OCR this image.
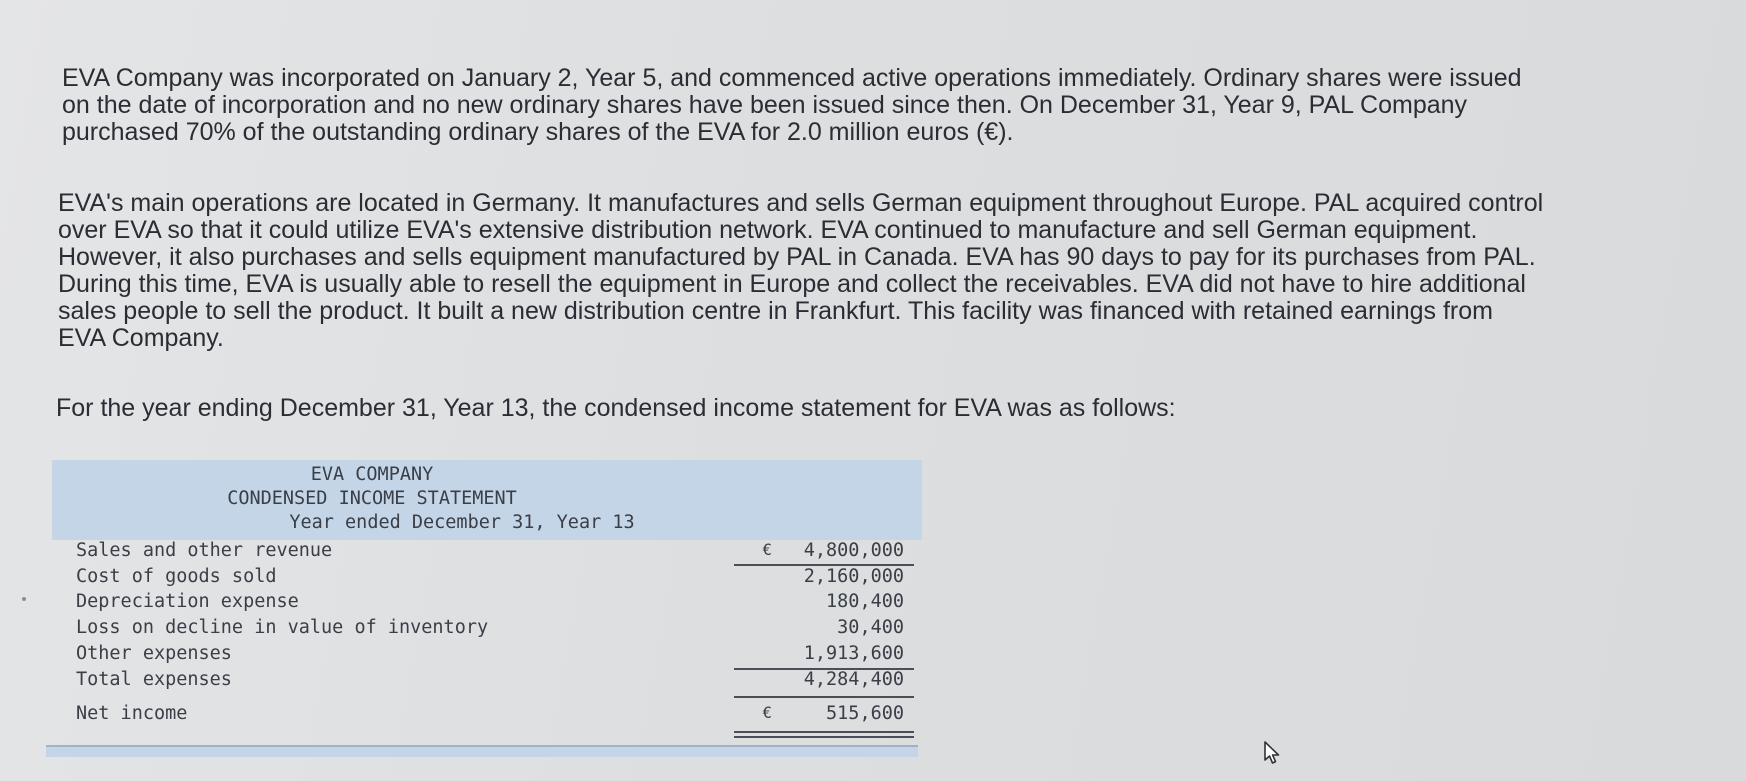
EVA Company was incorporated on January 2, Year 5, and commenced active operations immediately. Ordinary shares were issued
on the date of incorporation and no new ordinary shares have been issued since then. On December 31, Year 9, PAL Company
purchased 70% of the outstanding ordinary shares of the EVA for 2.0 million euros (€).

EVA's main operations are located in Germany. It manufactures and sells German equipment throughout Europe. PAL acquired control
over EVA so that it could utilize EVA's extensive distribution network. EVA continued to manufacture and sell German equipment.
However, it also purchases and sells equipment manufactured by PAL in Canada. EVA has 90 days to pay for its purchases from PAL.
During this time, EVA is usually able to resell the equipment in Europe and collect the receivables. EVA did not have to hire additional
sales people to sell the product. It built a new distribution centre in Frankfurt. This facility was financed with retained earnings from
EVA Company.

For the year ending December 31, Year 13, the condensed income statement for EVA was as follows:

EVA COMPANY
CONDENSED INCOME STATEMENT
Year ended December 31, Year 13
Sales and other revenue	€ 4,800,000
Cost of goods sold	2,160,000
Depreciation expense	180,400
Loss on decline in value of inventory	30,400
Other expenses	1,913,600
Total expenses	4,284,400
Net income	€	515,600
